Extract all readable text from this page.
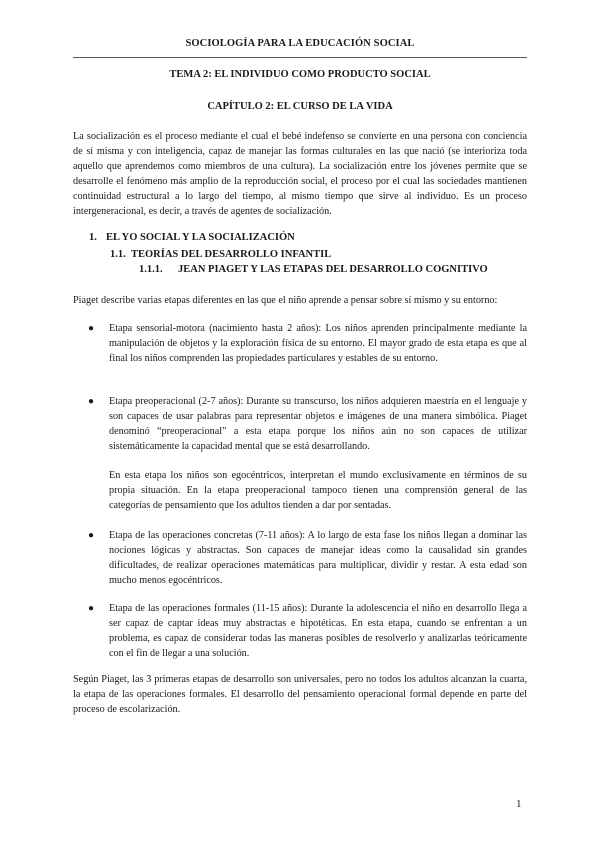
SOCIOLOGÍA PARA LA EDUCACIÓN SOCIAL
TEMA 2: EL INDIVIDUO COMO PRODUCTO SOCIAL
CAPÍTULO 2: EL CURSO DE LA VIDA
La socialización es el proceso mediante el cual el bebé indefenso se convierte en una persona con conciencia de sí misma y con inteligencia, capaz de manejar las formas culturales en las que nació (se interioriza toda aquello que aprendemos como miembros de una cultura). La socialización entre los jóvenes permite que se desarrolle el fenómeno más amplio de la reproducción social, el proceso por el cual las sociedades mantienen continuidad estructural a lo largo del tiempo, al mismo tiempo que sirve al individuo. Es un proceso intergeneracional, es decir, a través de agentes de socialización.
1. EL YO SOCIAL Y LA SOCIALIZACIÓN
1.1. TEORÍAS DEL DESARROLLO INFANTIL
1.1.1. JEAN PIAGET Y LAS ETAPAS DEL DESARROLLO COGNITIVO
Piaget describe varias etapas diferentes en las que el niño aprende a pensar sobre sí mismo y su entorno:
● Etapa sensorial-motora (nacimiento hasta 2 años): Los niños aprenden principalmente mediante la manipulación de objetos y la exploración física de su entorno. El mayor grado de esta etapa es que al final los niños comprenden las propiedades particulares y estables de su entorno.
● Etapa preoperacional (2-7 años): Durante su transcurso, los niños adquieren maestría en el lenguaje y son capaces de usar palabras para representar objetos e imágenes de una manera simbólica. Piaget denominó “preoperacional” a esta etapa porque los niños aún no son capaces de utilizar sistemáticamente la capacidad mental que se está desarrollando.
En esta etapa los niños son egocéntricos, interpretan el mundo exclusivamente en términos de su propia situación. En la etapa preoperacional tampoco tienen una comprensión general de las categorías de pensamiento que los adultos tienden a dar por sentadas.
● Etapa de las operaciones concretas (7-11 años): A lo largo de esta fase los niños llegan a dominar las nociones lógicas y abstractas. Son capaces de manejar ideas como la causalidad sin grandes dificultades, de realizar operaciones matemáticas para multiplicar, dividir y restar. A esta edad son mucho menos egocéntricos.
● Etapa de las operaciones formales (11-15 años): Durante la adolescencia el niño en desarrollo llega a ser capaz de captar ideas muy abstractas e hipotéticas. En esta etapa, cuando se enfrentan a un problema, es capaz de considerar todas las maneras posibles de resolverlo y analizarlas teóricamente con el fin de llegar a una solución.
Según Piaget, las 3 primeras etapas de desarrollo son universales, pero no todos los adultos alcanzan la cuarta, la etapa de las operaciones formales. El desarrollo del pensamiento operacional formal depende en parte del proceso de escolarización.
1
